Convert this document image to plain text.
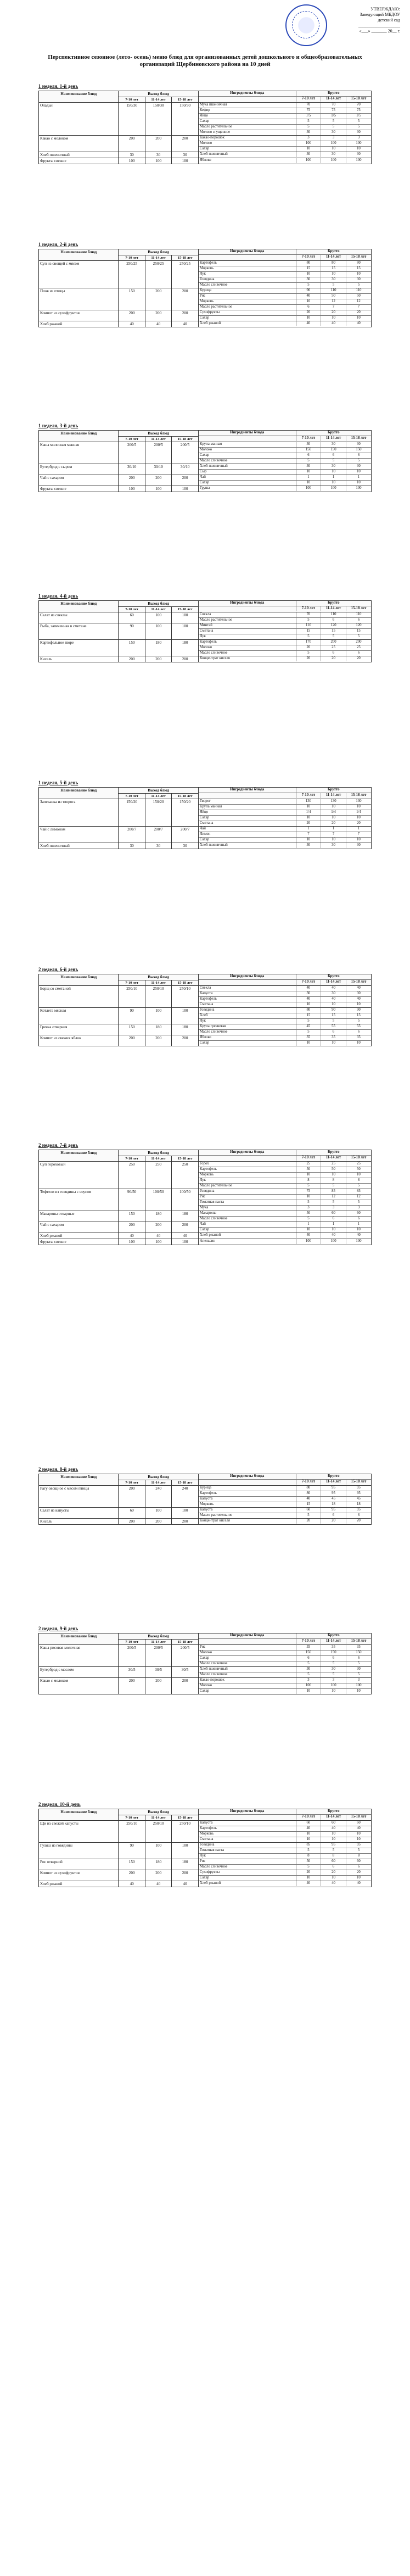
УТВЕРЖДАЮ:
Заведующий МБДОУ
детский сад
___________________
«___» _______ 20__ г.
Перспективное сезонное (лето- осень) меню блюд для организованных детей дошкольного и общеобразовательных организаций Щербиновского района на 10 дней
1 неделя, 1-й день
Наименование блюд	Выход блюд		Ингредиенты блюда	Брутто
	7-10 лет	11-14 лет	15-18 лет

7-10 лет	11-14 лет	15-18 лет
Оладьи	150/30	150/30	150/30	Мука пшеничная	70	70	70
Кефир	75	75	75
Яйцо	1/5	1/5	1/5
Сахар	5	5	5
Масло растительное	5	5	5
Молоко сгущенное	30	30	30

Какао с молоком	200	200	200		Какао-порошок	3	3	3
Молоко	100	100	100
Сахар	10	10	10

Хлеб пшеничный	30	30	30		Хлеб пшеничный	30	30	30

Фрукты свежие	100	100	100		Яблоко	100	100	100
1 неделя, 2-й день
Наименование блюд	Выход блюд		Ингредиенты блюда	Брутто
	7-10 лет	11-14 лет	15-18 лет

7-10 лет	11-14 лет	15-18 лет
Суп из овощей с мясом	250/25	250/25	250/25	Картофель	80	80	80
Морковь	15	15	15
Лук	10	10	10
Говядина	30	30	30
Масло сливочное	5	5	5

Плов из птицы	150	200	200		Курица	90	110	110
Рис	40	50	50
Морковь	10	12	12
Масло растительное	6	7	7

Компот из сухофруктов	200	200	200		Сухофрукты	20	20	20
Сахар	10	10	10

Хлеб ржаной	40	40	40		Хлеб ржаной	40	40	40
1 неделя, 3-й день
Наименование блюд	Выход блюд		Ингредиенты блюда	Брутто
	7-10 лет	11-14 лет	15-18 лет

7-10 лет	11-14 лет	15-18 лет
Каша молочная манная	200/5	200/5	200/5		Крупа манная	30	30	30
Молоко	150	150	150
Сахар	6	6	6
Масло сливочное	5	5	5

Бутерброд с сыром	30/10	30/10	30/10		Хлеб пшеничный	30	30	30
Сыр	10	10	10

Чай с сахаром	200	200	200		Чай	1	1	1
Сахар	10	10	10

Фрукты свежие	100	100	100		Груша	100	100	100
1 неделя, 4-й день
Наименование блюд	Выход блюд		Ингредиенты блюда	Брутто
	7-10 лет	11-14 лет	15-18 лет

7-10 лет	11-14 лет	15-18 лет
Салат из свеклы	60	100	100		Свекла	70	110	110
Масло растительное	5	6	6

Рыба, запеченная в сметане	90	100	100		Минтай	110	120	120
Сметана	15	15	15
Лук	5	5	5

Картофельное пюре	150	180	180		Картофель	170	200	200
Молоко	20	25	25
Масло сливочное	5	6	6

Кисель	200	200	200		Концентрат киселя	20	20	20
1 неделя, 5-й день
Наименование блюд	Выход блюд		Ингредиенты блюда	Брутто
	7-10 лет	11-14 лет	15-18 лет

7-10 лет	11-14 лет	15-18 лет
Запеканка из творога	150/20	150/20	150/20	Творог	130	130	130
Крупа манная	10	10	10
Яйцо	1/4	1/4	1/4
Сахар	10	10	10
Сметана	20	20	20

Чай с лимоном	200/7	200/7	200/7		Чай	1	1	1
Лимон	7	7	7
Сахар	10	10	10

Хлеб пшеничный	30	30	30		Хлеб пшеничный	30	30	30
2 неделя, 6-й день
Наименование блюд	Выход блюд		Ингредиенты блюда	Брутто
	7-10 лет	11-14 лет	15-18 лет

7-10 лет	11-14 лет	15-18 лет
Борщ со сметаной	250/10	250/10	250/10	Свекла	40	40	40
Капуста	30	30	30
Картофель	40	40	40
Сметана	10	10	10

Котлета мясная	90	100	100		Говядина	80	90	90
Хлеб	15	15	15
Лук	5	5	5

Гречка отварная	150	180	180		Крупа гречневая	45	55	55
Масло сливочное	5	6	6

Компот из свежих яблок	200	200	200		Яблоко	35	35	35
Сахар	10	10	10
2 неделя, 7-й день
Наименование блюд	Выход блюд		Ингредиенты блюда	Брутто
	7-10 лет	11-14 лет	15-18 лет

7-10 лет	11-14 лет	15-18 лет
Суп гороховый	250	250	250		Горох	25	25	25
Картофель	50	50	50
Морковь	10	10	10
Лук	8	8	8
Масло растительное	5	5	5

Тефтели из говядины с соусом	90/50	100/50	100/50	Говядина	75	85	85
Рис	10	12	12
Томатная паста	5	5	5
Мука	3	3	3

Макароны отварные	150	180	180		Макароны	50	60	60
Масло сливочное	5	6	6

Чай с сахаром	200	200	200		Чай	1	1	1
Сахар	10	10	10

Хлеб ржаной	40	40	40		Хлеб ржаной	40	40	40

Фрукты свежие	100	100	100		Апельсин	100	100	100
2 неделя, 8-й день
Наименование блюд	Выход блюд		Ингредиенты блюда	Брутто
	7-10 лет	11-14 лет	15-18 лет

7-10 лет	11-14 лет	15-18 лет
Рагу овощное с мясом птицы	200	240	240		Курица	80	95	95
Картофель	80	95	95
Капуста	40	45	45
Морковь	15	18	18

Салат из капусты	60	100	100		Капуста	60	95	95
Масло растительное	5	6	6

Кисель	200	200	200		Концентрат киселя	20	20	20
2 неделя, 9-й день
Наименование блюд	Выход блюд		Ингредиенты блюда	Брутто
	7-10 лет	11-14 лет	15-18 лет

7-10 лет	11-14 лет	15-18 лет
Каша рисовая молочная	200/5	200/5	200/5		Рис	35	35	35
Молоко	150	150	150
Сахар	6	6	6
Масло сливочное	5	5	5

Бутерброд с маслом	30/5	30/5	30/5		Хлеб пшеничный	30	30	30
Масло сливочное	5	5	5

Какао с молоком	200	200	200		Какао-порошок	3	3	3
Молоко	100	100	100
Сахар	10	10	10
2 неделя, 10-й день
Наименование блюд	Выход блюд		Ингредиенты блюда	Брутто
	7-10 лет	11-14 лет	15-18 лет

7-10 лет	11-14 лет	15-18 лет
Щи из свежей капусты	250/10	250/10	250/10	Капуста	60	60	60
Картофель	40	40	40
Морковь	10	10	10
Сметана	10	10	10

Гуляш из говядины	90	100	100		Говядина	85	95	95
Томатная паста	5	5	5
Лук	8	8	8

Рис отварной	150	180	180		Рис	50	60	60
Масло сливочное	5	6	6

Компот из сухофруктов	200	200	200		Сухофрукты	20	20	20
Сахар	10	10	10

Хлеб ржаной	40	40	40		Хлеб ржаной	40	40	40
